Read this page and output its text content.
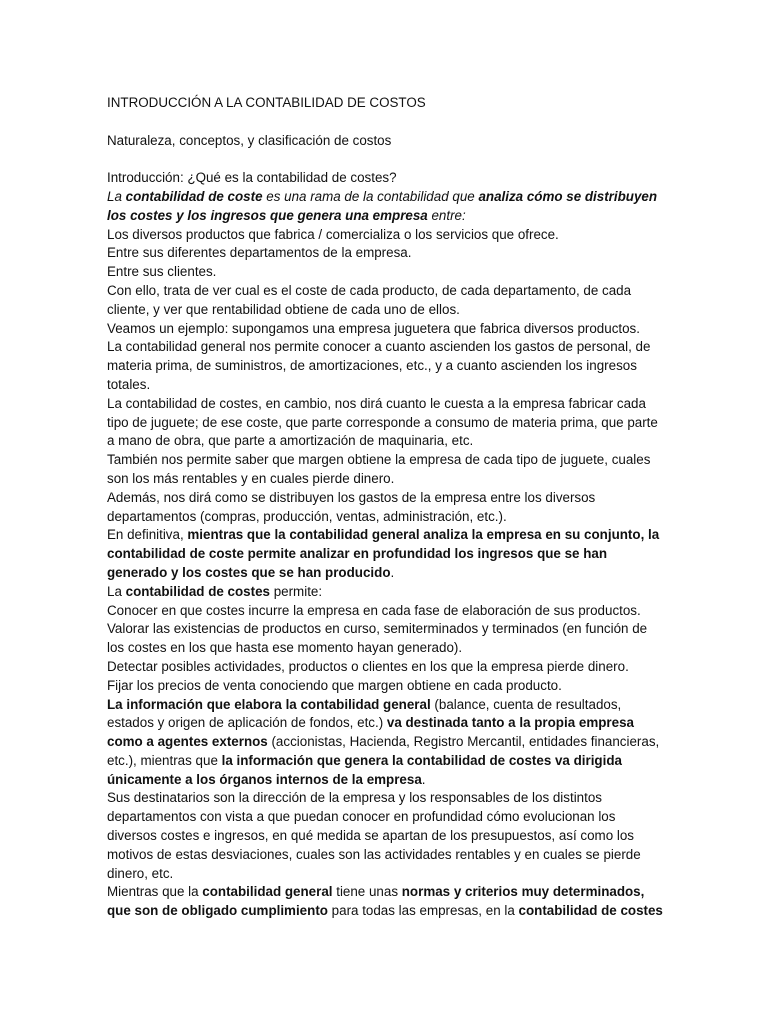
INTRODUCCIÓN A LA CONTABILIDAD DE COSTOS
Naturaleza, conceptos, y clasificación de costos

Introducción: ¿Qué es la contabilidad de costes?

La contabilidad de coste es una rama de la contabilidad que analiza cómo se distribuyen los costes y los ingresos que genera una empresa entre:

Los diversos productos que fabrica / comercializa o los servicios que ofrece.

Entre sus diferentes departamentos de la empresa.

Entre sus clientes.

Con ello, trata de ver cual es el coste de cada producto, de cada departamento, de cada cliente, y ver que rentabilidad obtiene de cada uno de ellos.

Veamos un ejemplo: supongamos una empresa juguetera que fabrica diversos productos.

La contabilidad general nos permite conocer a cuanto ascienden los gastos de personal, de materia prima, de suministros, de amortizaciones, etc., y a cuanto ascienden los ingresos totales.

La contabilidad de costes, en cambio, nos dirá cuanto le cuesta a la empresa fabricar cada tipo de juguete; de ese coste, que parte corresponde a consumo de materia prima, que parte a mano de obra, que parte a amortización de maquinaria, etc.

También nos permite saber que margen obtiene la empresa de cada tipo de juguete, cuales son los más rentables y en cuales pierde dinero.

Además, nos dirá como se distribuyen los gastos de la empresa entre los diversos departamentos (compras, producción, ventas, administración, etc.).

En definitiva, mientras que la contabilidad general analiza la empresa en su conjunto, la contabilidad de coste permite analizar en profundidad los ingresos que se han generado y los costes que se han producido.

La contabilidad de costes permite:

Conocer en que costes incurre la empresa en cada fase de elaboración de sus productos.

Valorar las existencias de productos en curso, semiterminados y terminados (en función de los costes en los que hasta ese momento hayan generado).

Detectar posibles actividades, productos o clientes en los que la empresa pierde dinero.

Fijar los precios de venta conociendo que margen obtiene en cada producto.

La información que elabora la contabilidad general (balance, cuenta de resultados, estados y origen de aplicación de fondos, etc.) va destinada tanto a la propia empresa como a agentes externos (accionistas, Hacienda, Registro Mercantil, entidades financieras, etc.), mientras que la información que genera la contabilidad de costes va dirigida únicamente a los órganos internos de la empresa.

Sus destinatarios son la dirección de la empresa y los responsables de los distintos departamentos con vista a que puedan conocer en profundidad cómo evolucionan los diversos costes e ingresos, en qué medida se apartan de los presupuestos, así como los motivos de estas desviaciones, cuales son las actividades rentables y en cuales se pierde dinero, etc.

Mientras que la contabilidad general tiene unas normas y criterios muy determinados, que son de obligado cumplimiento para todas las empresas, en la contabilidad de costes
